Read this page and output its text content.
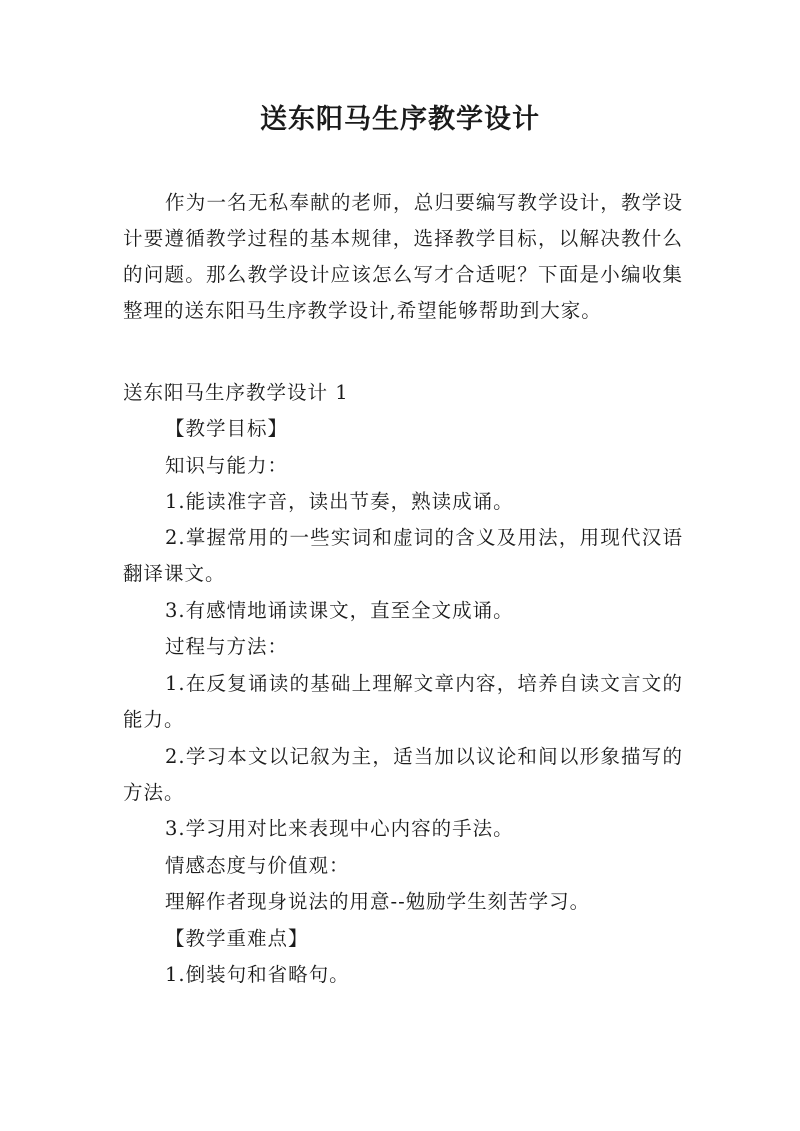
送东阳马生序教学设计

作为一名无私奉献的老师，总归要编写教学设计，教学设计要遵循教学过程的基本规律，选择教学目标，以解决教什么的问题。那么教学设计应该怎么写才合适呢？下面是小编收集整理的送东阳马生序教学设计,希望能够帮助到大家。

送东阳马生序教学设计 1

【教学目标】

知识与能力：

1.能读准字音，读出节奏，熟读成诵。

2.掌握常用的一些实词和虚词的含义及用法，用现代汉语翻译课文。

3.有感情地诵读课文，直至全文成诵。

过程与方法：

1.在反复诵读的基础上理解文章内容，培养自读文言文的能力。

2.学习本文以记叙为主，适当加以议论和间以形象描写的方法。

3.学习用对比来表现中心内容的手法。

情感态度与价值观：

理解作者现身说法的用意--勉励学生刻苦学习。

【教学重难点】

1.倒装句和省略句。
